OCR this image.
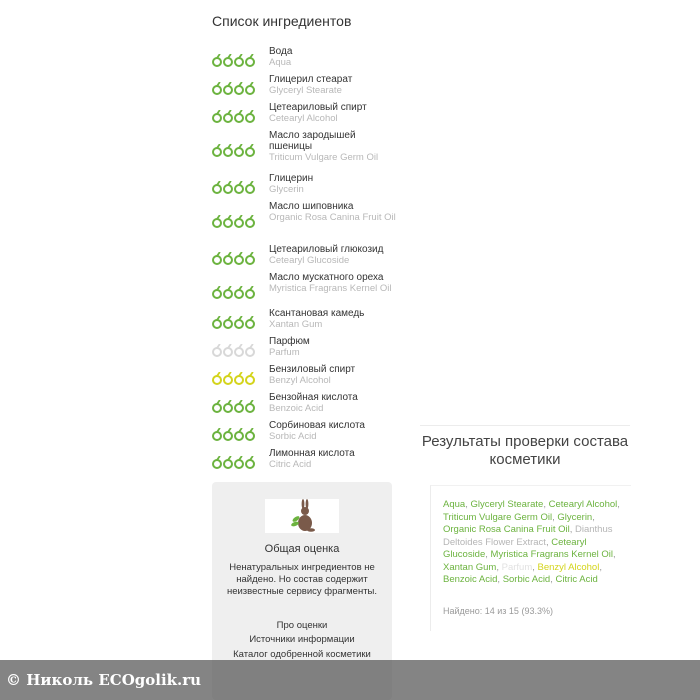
Список ингредиентов
Вода
Aqua
Глицерил стеарат
Glyceryl Stearate
Цетеариловый спирт
Cetearyl Alcohol
Масло зародышей пшеницы
Triticum Vulgare Germ Oil
Глицерин
Glycerin
Масло шиповника
Organic Rosa Canina Fruit Oil
Цетеариловый глюкозид
Cetearyl Glucoside
Масло мускатного ореха
Myristica Fragrans Kernel Oil
Ксантановая камедь
Xantan Gum
Парфюм
Parfum
Бензиловый спирт
Benzyl Alcohol
Бензойная кислота
Benzoic Acid
Сорбиновая кислота
Sorbic Acid
Лимонная кислота
Citric Acid
Общая оценка
Ненатуральных ингредиентов не найдено. Но состав содержит неизвестные сервису фрагменты.
Про оценки
Источники информации
Каталог одобренной косметики
Результаты проверки состава косметики
Aqua, Glyceryl Stearate, Cetearyl Alcohol, Triticum Vulgare Germ Oil, Glycerin, Organic Rosa Canina Fruit Oil, Dianthus Deltoides Flower Extract, Cetearyl Glucoside, Myristica Fragrans Kernel Oil, Xantan Gum, Parfum, Benzyl Alcohol, Benzoic Acid, Sorbic Acid, Citric Acid
Найдено: 14 из 15 (93.3%)
© Николь ECOgolik.ru
